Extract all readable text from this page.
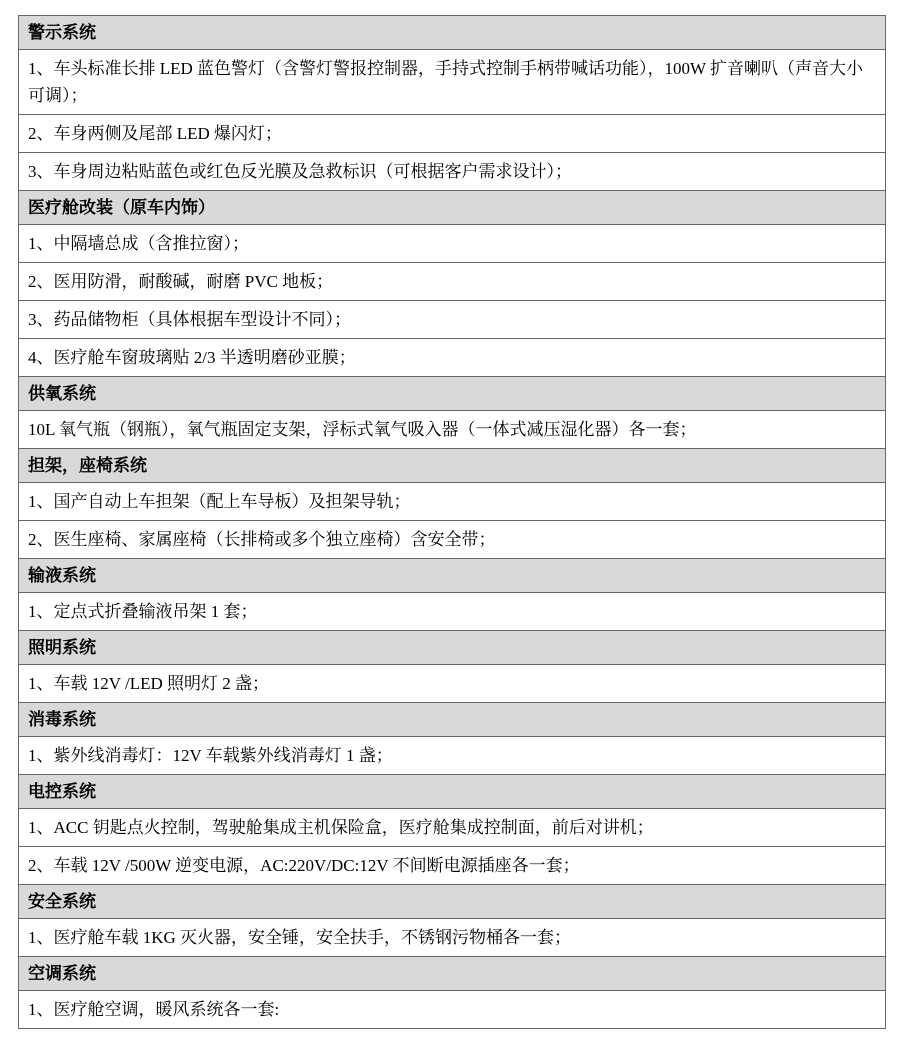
警示系统
1、车头标准长排 LED 蓝色警灯（含警灯警报控制器，手持式控制手柄带喊话功能），100W 扩音喇叭（声音大小可调）；
2、车身两侧及尾部 LED 爆闪灯；
3、车身周边粘贴蓝色或红色反光膜及急救标识（可根据客户需求设计）；
医疗舱改装（原车内饰）
1、中隔墙总成（含推拉窗）；
2、医用防滑，耐酸碱，耐磨 PVC 地板；
3、药品储物柜（具体根据车型设计不同）；
4、医疗舱车窗玻璃贴 2/3 半透明磨砂亚膜；
供氧系统
10L 氧气瓶（钢瓶），氧气瓶固定支架，浮标式氧气吸入器（一体式减压湿化器）各一套；
担架，座椅系统
1、国产自动上车担架（配上车导板）及担架导轨；
2、医生座椅、家属座椅（长排椅或多个独立座椅）含安全带；
输液系统
1、定点式折叠输液吊架 1 套；
照明系统
1、车载 12V /LED 照明灯 2 盏；
消毒系统
1、紫外线消毒灯：12V 车载紫外线消毒灯 1 盏；
电控系统
1、ACC 钥匙点火控制，驾驶舱集成主机保险盒，医疗舱集成控制面，前后对讲机；
2、车载 12V /500W 逆变电源，AC:220V/DC:12V 不间断电源插座各一套；
安全系统
1、医疗舱车载 1KG 灭火器，安全锤，安全扶手，不锈钢污物桶各一套；
空调系统
1、医疗舱空调，暖风系统各一套:
